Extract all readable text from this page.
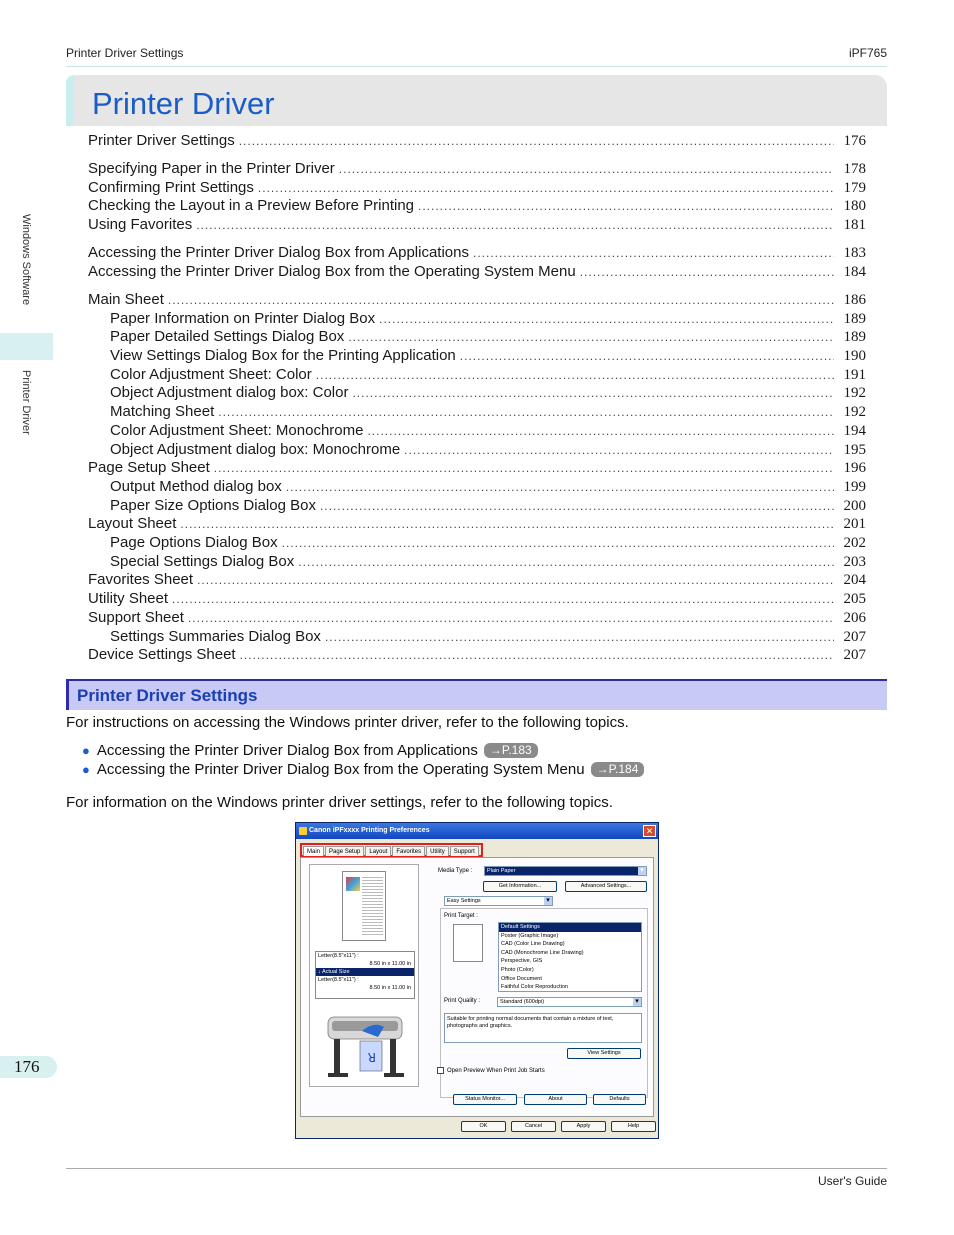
Printer Driver Settings	iPF765
Windows Software
Printer Driver
176
Printer Driver
Printer Driver Settings .....	176
Specifying Paper in the Printer Driver .....	178
Confirming Print Settings .....	179
Checking the Layout in a Preview Before Printing .....	180
Using Favorites .....	181
Accessing the Printer Driver Dialog Box from Applications .....	183
Accessing the Printer Driver Dialog Box from the Operating System Menu .....	184
Main Sheet .....	186
Paper Information on Printer Dialog Box .....	189
Paper Detailed Settings Dialog Box .....	189
View Settings Dialog Box for the Printing Application .....	190
Color Adjustment Sheet: Color .....	191
Object Adjustment dialog box: Color .....	192
Matching Sheet .....	192
Color Adjustment Sheet: Monochrome .....	194
Object Adjustment dialog box: Monochrome .....	195
Page Setup Sheet .....	196
Output Method dialog box .....	199
Paper Size Options Dialog Box .....	200
Layout Sheet .....	201
Page Options Dialog Box .....	202
Special Settings Dialog Box .....	203
Favorites Sheet .....	204
Utility Sheet .....	205
Support Sheet .....	206
Settings Summaries Dialog Box .....	207
Device Settings Sheet .....	207
Printer Driver Settings
For instructions on accessing the Windows printer driver, refer to the following topics.
● Accessing the Printer Driver Dialog Box from Applications	→P.183
● Accessing the Printer Driver Dialog Box from the Operating System Menu	→P.184
For information on the Windows printer driver settings, refer to the following topics.
Canon iPFxxxx Printing Preferences	✕
Main	Page Setup	Layout	Favorites	Utility	Support
Letter(8.5"x11") :
8.50 in x 11.00 in
↓ Actual Size
Letter(8.5"x11") :
8.50 in x 11.00 in
R
Media Type :	Plain Paper ▾
Get Information...	Advanced Settings...
Easy Settings ▾
Print Target :
Default Settings
Poster (Graphic Image)
CAD (Color Line Drawing)
CAD (Monochrome Line Drawing)
Perspective, GIS
Photo (Color)
Office Document
Faithful Color Reproduction
Print Quality :	Standard (600dpi) ▾
Suitable for printing normal documents that contain a mixture of text, photographs and graphics.
View Settings
Open Preview When Print Job Starts
Status Monitor...	About	Defaults
OK	Cancel	Apply	Help
User's Guide
